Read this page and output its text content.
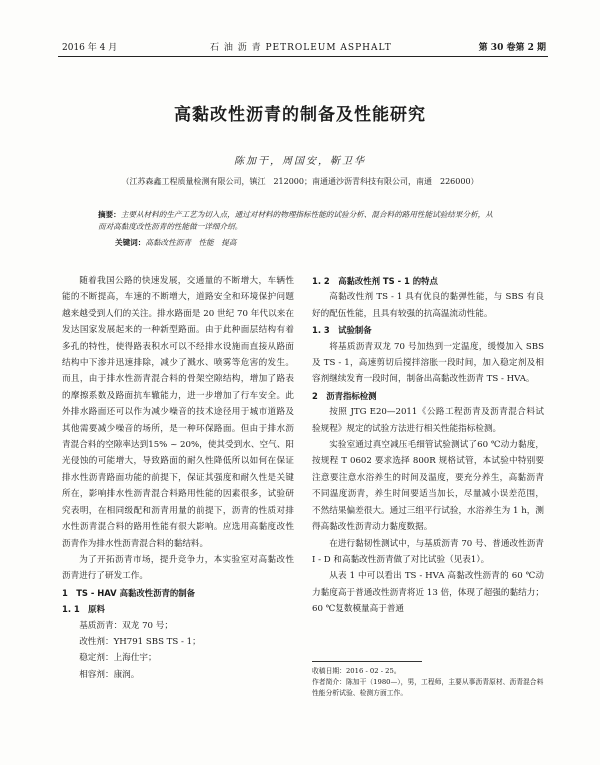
2016 年 4 月	石 油 沥 青 PETROLEUM ASPHALT	第 30 卷第 2 期
高黏改性沥青的制备及性能研究
陈加干，周国安，靳卫华
（江苏森鑫工程质量检测有限公司，镇江　212000；南通通沙沥青科技有限公司，南通　226000）
摘要：主要从材料的生产工艺为切入点，通过对材料的物理指标性能的试验分析、混合料的路用性能试验结果分析，从而对高黏度改性沥青的性能做一详细介绍。
关键词：高黏改性沥青　性能　提高

随着我国公路的快速发展，交通量的不断增大，车辆性能的不断提高，车速的不断增大，道路安全和环境保护问题越来越受到人们的关注。排水路面是 20 世纪 70 年代以来在发达国家发展起来的一种新型路面。由于此种面层结构有着多孔的特性，使得路表积水可以不经排水设施而直接从路面结构中下渗并迅速排除，减少了溅水、喷雾等危害的发生。而且，由于排水性沥青混合料的骨架空隙结构，增加了路表的摩擦系数及路面抗车辙能力，进一步增加了行车安全。此外排水路面还可以作为减少噪音的技术途径用于城市道路及其他需要减少噪音的场所，是一种环保路面。但由于排水沥青混合料的空隙率达到15% ~ 20%，使其受到水、空气、阳光侵蚀的可能增大，导致路面的耐久性降低所以如何在保证排水性沥青路面功能的前提下，保证其强度和耐久性是关键所在，影响排水性沥青混合料路用性能的因素很多，试验研究表明，在相同级配和沥青用量的前提下，沥青的性质对排水性沥青混合料的路用性能有很大影响。应选用高黏度改性沥青作为排水性沥青混合料的黏结料。

为了开拓沥青市场，提升竞争力，本实验室对高黏改性沥青进行了研发工作。

1　TS - HAV 高黏改性沥青的制备
1. 1　原料
基质沥青：双龙 70 号；
改性剂：YH791 SBS TS - 1；
稳定剂：上海仕宇；
相容剂：康润。
1. 2　高黏改性剂 TS - 1 的特点

高黏改性剂 TS - 1 具有优良的黏弹性能，与 SBS 有良好的配伍性能，且具有较强的抗高温流动性能。

1. 3　试验制备

将基质沥青双龙 70 号加热到一定温度，缓慢加入 SBS 及 TS - 1，高速剪切后搅拌溶胀一段时间，加入稳定剂及相容剂继续发育一段时间，制备出高黏改性沥青 TS - HVA。

2　沥青指标检测

按照 JTG E20—2011《公路工程沥青及沥青混合料试验规程》规定的试验方法进行相关性能指标检测。

实验室通过真空减压毛细管试验测试了60 ℃动力黏度，按规程 T 0602 要求选择 800R 规格试管，本试验中特别要注意要注意水浴养生的时间及温度，要充分养生，高黏沥青不同温度沥青，养生时间要适当加长，尽量减小误差范围，不然结果偏差很大。通过三组平行试验，水浴养生为 1 h，测得高黏改性沥青动力黏度数据。

在进行黏韧性测试中，与基质沥青 70 号、普通改性沥青 I - D 和高黏改性沥青做了对比试验（见表1）。

从表 1 中可以看出 TS - HVA 高黏改性沥青的 60 ℃动力黏度高于普通改性沥青将近 13 倍，体现了超强的黏结力；60 ℃复数模量高于普通

收稿日期：2016 - 02 - 25。
作者简介：陈加干（1980—），男，工程师，主要从事沥青原材、沥青混合料性能分析试验、检测方面工作。
